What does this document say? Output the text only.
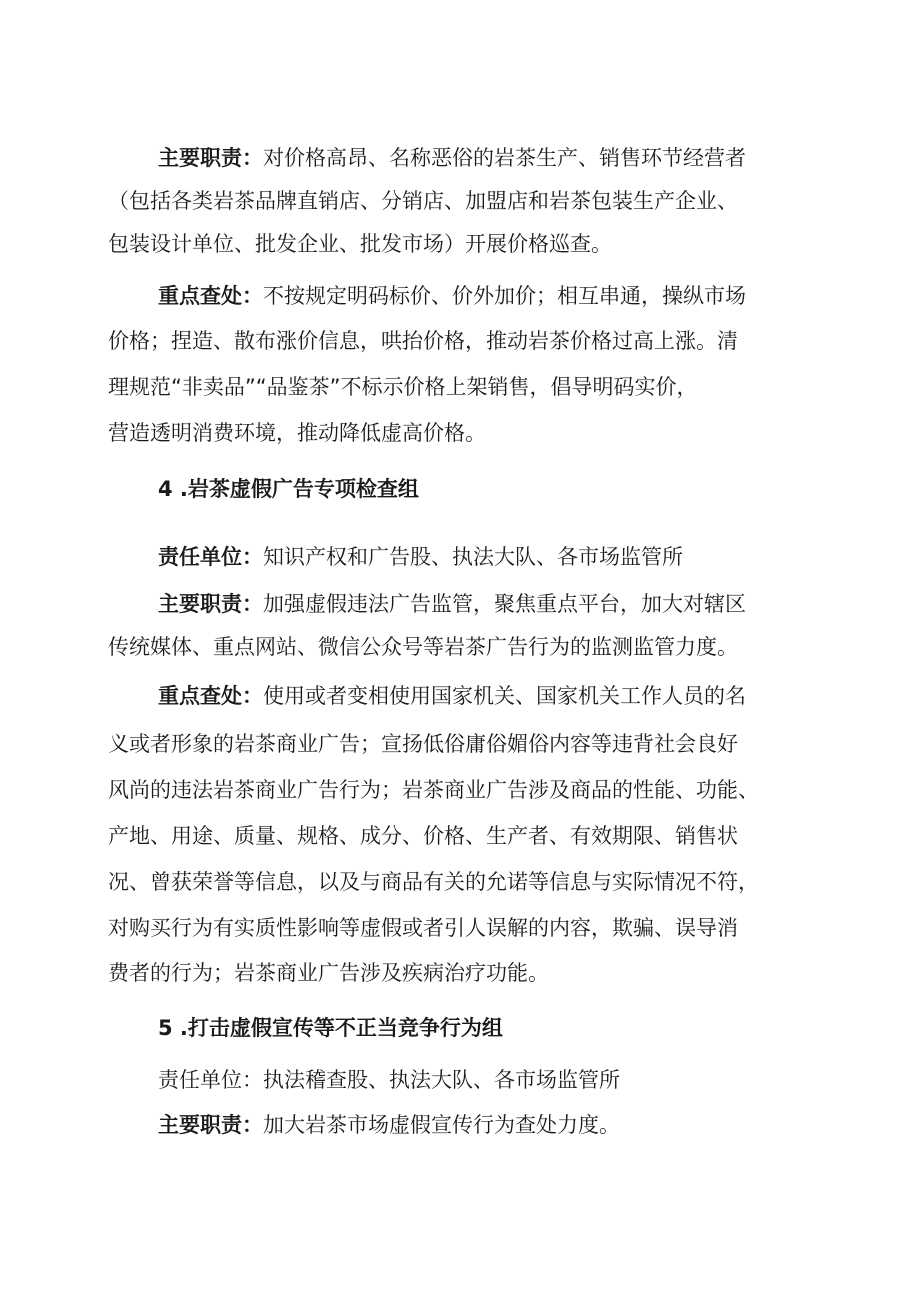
主要职责：对价格高昂、名称恶俗的岩茶生产、销售环节经营者
（包括各类岩茶品牌直销店、分销店、加盟店和岩茶包装生产企业、
包装设计单位、批发企业、批发市场）开展价格巡查。
重点查处：不按规定明码标价、价外加价；相互串通，操纵市场
价格；捏造、散布涨价信息，哄抬价格，推动岩茶价格过高上涨。清
理规范“非卖品”“品鉴茶”不标示价格上架销售，倡导明码实价，
营造透明消费环境，推动降低虚高价格。
4 .岩茶虚假广告专项检查组
责任单位：知识产权和广告股、执法大队、各市场监管所
主要职责：加强虚假违法广告监管，聚焦重点平台，加大对辖区
传统媒体、重点网站、微信公众号等岩茶广告行为的监测监管力度。
重点查处：使用或者变相使用国家机关、国家机关工作人员的名
义或者形象的岩茶商业广告；宣扬低俗庸俗媚俗内容等违背社会良好
风尚的违法岩茶商业广告行为；岩茶商业广告涉及商品的性能、功能、
产地、用途、质量、规格、成分、价格、生产者、有效期限、销售状
况、曾获荣誉等信息，以及与商品有关的允诺等信息与实际情况不符，
对购买行为有实质性影响等虚假或者引人误解的内容，欺骗、误导消
费者的行为；岩茶商业广告涉及疾病治疗功能。
5 .打击虚假宣传等不正当竞争行为组
责任单位：执法稽查股、执法大队、各市场监管所
主要职责：加大岩茶市场虚假宣传行为查处力度。
